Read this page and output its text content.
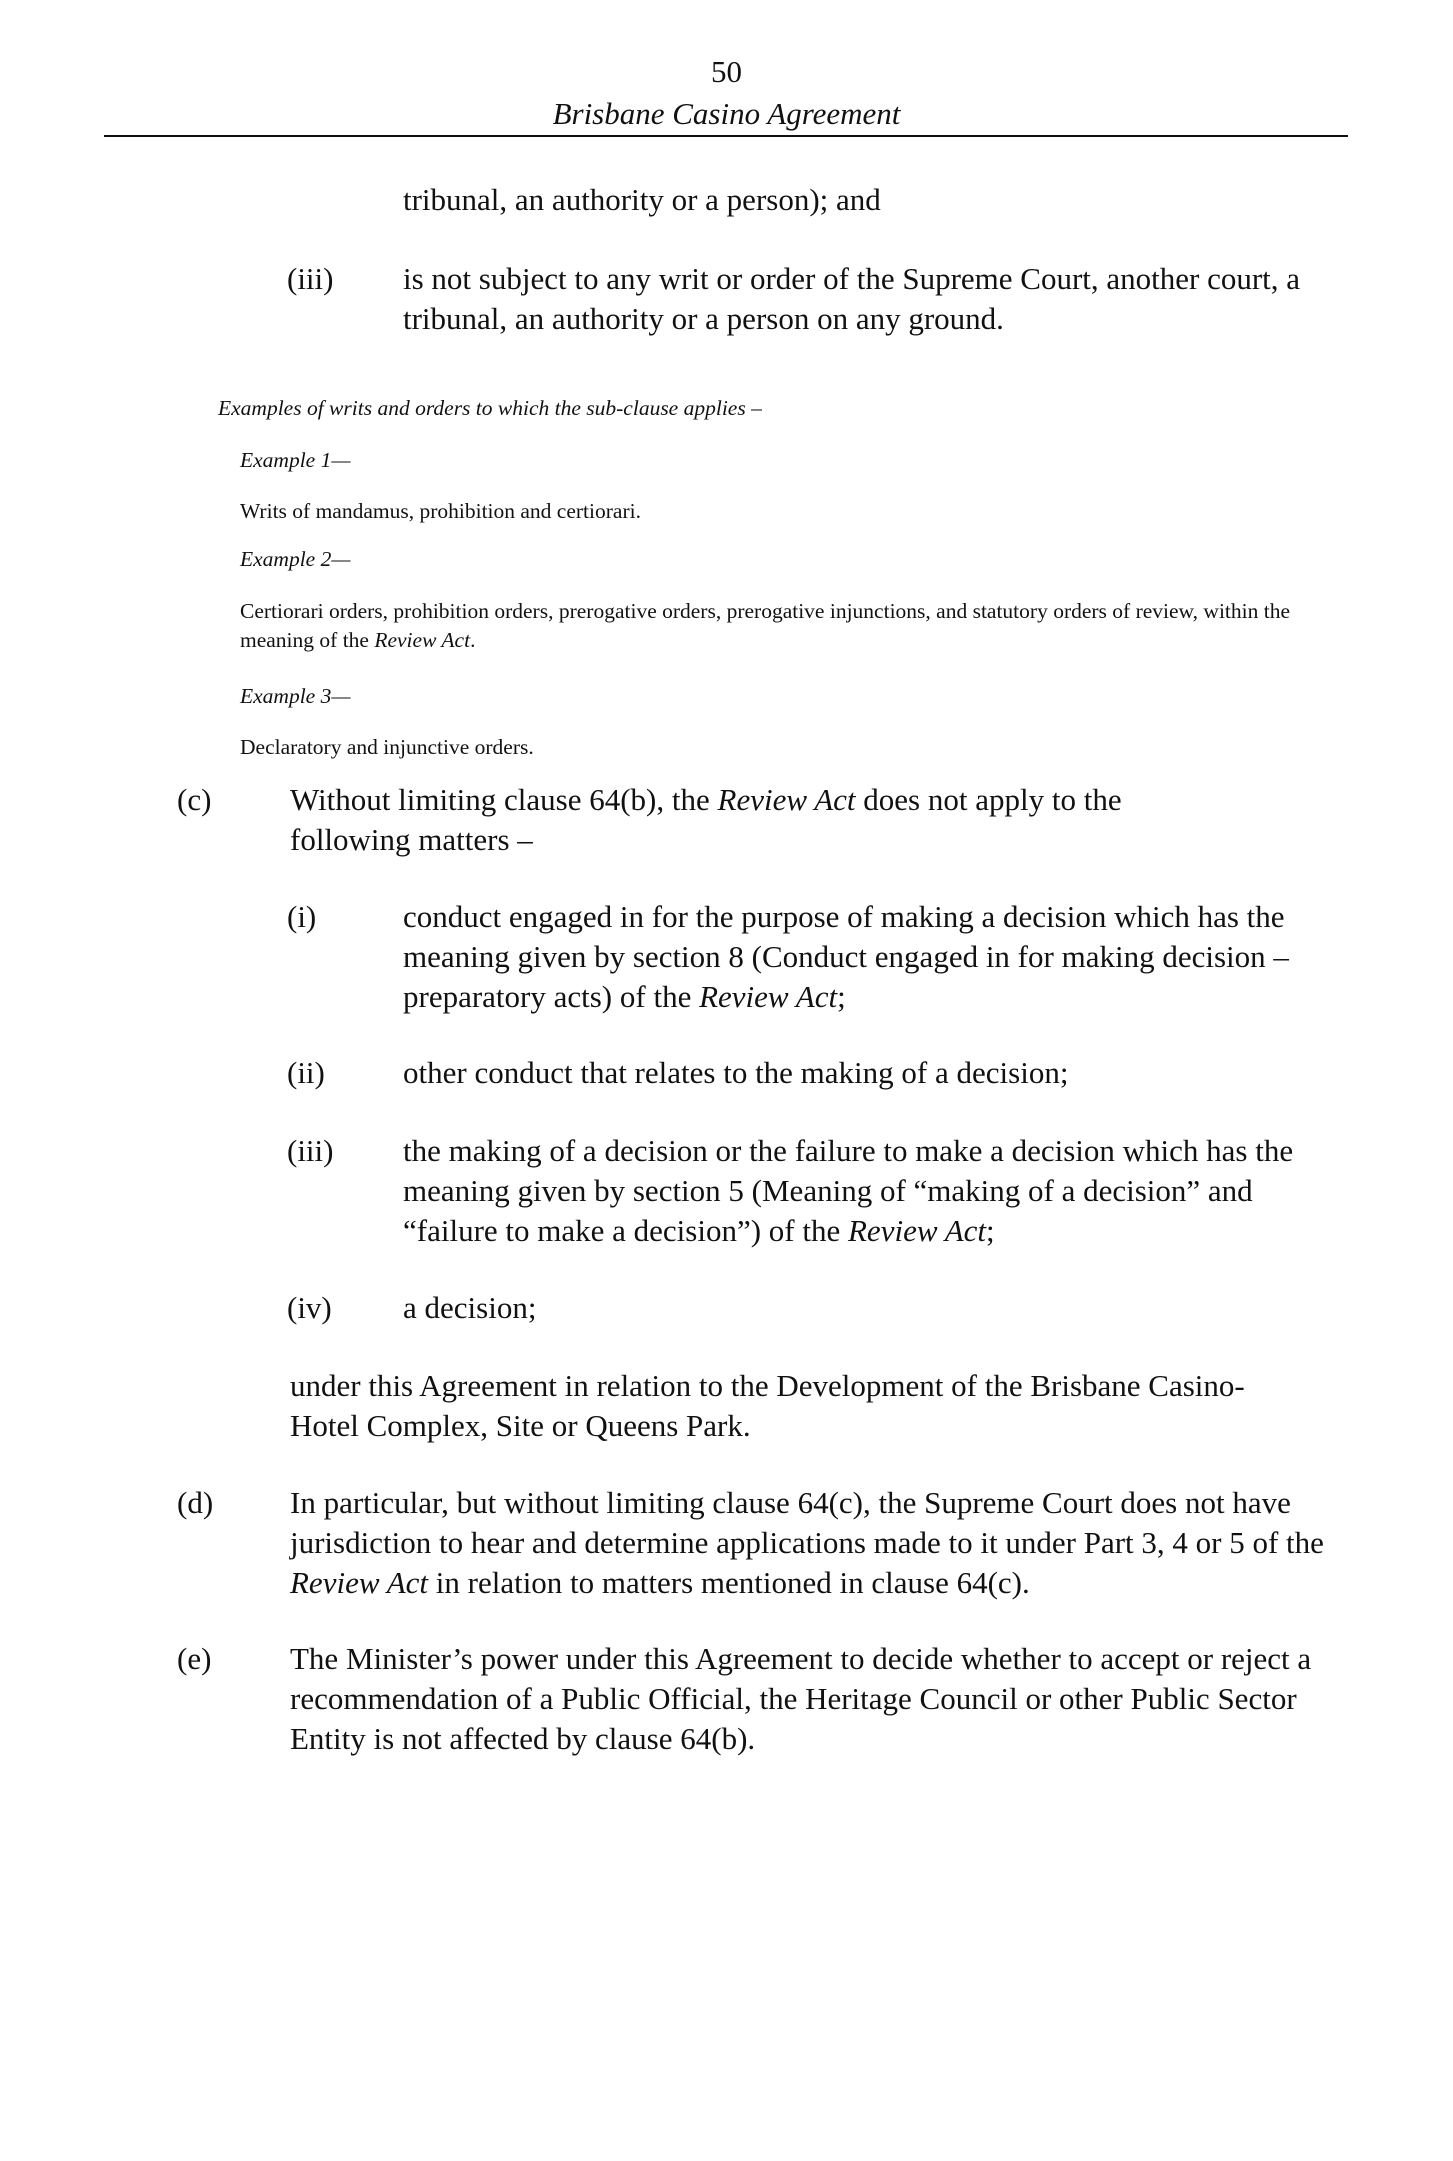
50
Brisbane Casino Agreement
tribunal, an authority or a person); and
(iii) is not subject to any writ or order of the Supreme Court, another court, a tribunal, an authority or a person on any ground.
Examples of writs and orders to which the sub-clause applies –
Example 1—
Writs of mandamus, prohibition and certiorari.
Example 2—
Certiorari orders, prohibition orders, prerogative orders, prerogative injunctions, and statutory orders of review, within the meaning of the Review Act.
Example 3—
Declaratory and injunctive orders.
(c)	Without limiting clause 64(b), the Review Act does not apply to the following matters –
(i)	conduct engaged in for the purpose of making a decision which has the meaning given by section 8 (Conduct engaged in for making decision – preparatory acts) of the Review Act;
(ii)	other conduct that relates to the making of a decision;
(iii) the making of a decision or the failure to make a decision which has the meaning given by section 5 (Meaning of “making of a decision” and “failure to make a decision”) of the Review Act;
(iv) a decision;
under this Agreement in relation to the Development of the Brisbane Casino-Hotel Complex, Site or Queens Park.
(d) In particular, but without limiting clause 64(c), the Supreme Court does not have jurisdiction to hear and determine applications made to it under Part 3, 4 or 5 of the Review Act in relation to matters mentioned in clause 64(c).
(e)	The Minister’s power under this Agreement to decide whether to accept or reject a recommendation of a Public Official, the Heritage Council or other Public Sector Entity is not affected by clause 64(b).
